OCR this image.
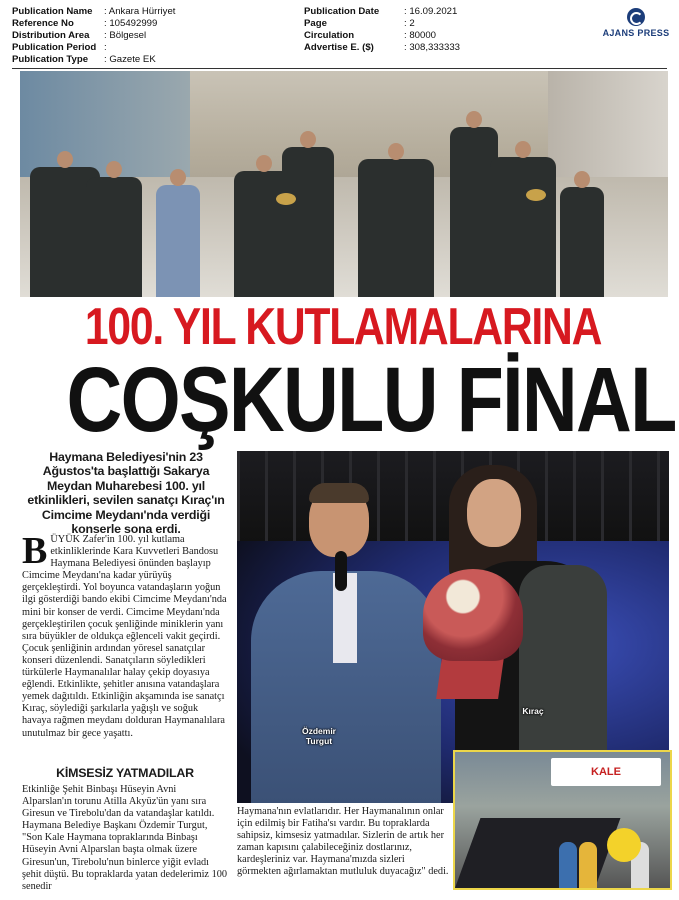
Publication Name	: Ankara Hürriyet
Reference No	: 105492999
Distribution Area	: Bölgesel
Publication Period :
Publication Type	: Gazete EK
Publication Date	: 16.09.2021
Page	: 2
Circulation	: 80000
Advertise E. ($)	: 308,333333
AJANS PRESS
100. YIL KUTLAMALARINA
COŞKULU FİNAL
Haymana Belediyesi'nin 23 Ağustos'ta başlattığı Sakarya Meydan Muharebesi 100. yıl etkinlikleri, sevilen sanatçı Kıraç'ın Cimcime Meydanı'nda verdiği konserle sona erdi.
BÜYÜK Zafer'in 100. yıl kutlama etkinliklerinde Kara Kuvvetleri Bandosu Haymana Belediyesi önünden başlayıp Cimcime Meydanı'na kadar yürüyüş gerçekleştirdi. Yol boyunca vatandaşların yoğun ilgi gösterdiği bando ekibi Cimcime Meydanı'nda mini bir konser de verdi. Cimcime Meydanı'nda gerçekleştirilen çocuk şenliğinde miniklerin yanı sıra büyükler de oldukça eğlenceli vakit geçirdi. Çocuk şenliğinin ardından yöresel sanatçılar konseri düzenlendi. Sanatçıların söyledikleri türkülerle Haymanalılar halay çekip doyasıya eğlendi. Etkinlikte, şehitler anısına vatandaşlara yemek dağıtıldı. Etkinliğin akşamında ise sanatçı Kıraç, söylediği şarkılarla yağışlı ve soğuk havaya rağmen meydanı dolduran Haymanalılara unutulmaz bir gece yaşattı.
KİMSESİZ YATMADILAR
Etkinliğe Şehit Binbaşı Hüseyin Avni Alparslan'ın torunu Atilla Akyüz'ün yanı sıra Giresun ve Tirebolu'dan da vatandaşlar katıldı. Haymana Belediye Başkanı Özdemir Turgut, "Son Kale Haymana topraklarında Binbaşı Hüseyin Avni Alparslan başta olmak üzere Giresun'un, Tirebolu'nun binlerce yiğit evladı şehit düştü. Bu topraklarda yatan dedelerimiz 100 senedir
Özdemir Turgut
Kıraç
Haymana'nın evlatlarıdır. Her Haymanalının onlar için edilmiş bir Fatiha'sı vardır. Bu topraklarda sahipsiz, kimsesiz yatmadılar. Sizlerin de artık her zaman kapısını çalabileceğiniz dostlarınız, kardeşleriniz var. Haymana'mızda sizleri görmekten ağırlamaktan mutluluk duyacağız" dedi.
KALE
